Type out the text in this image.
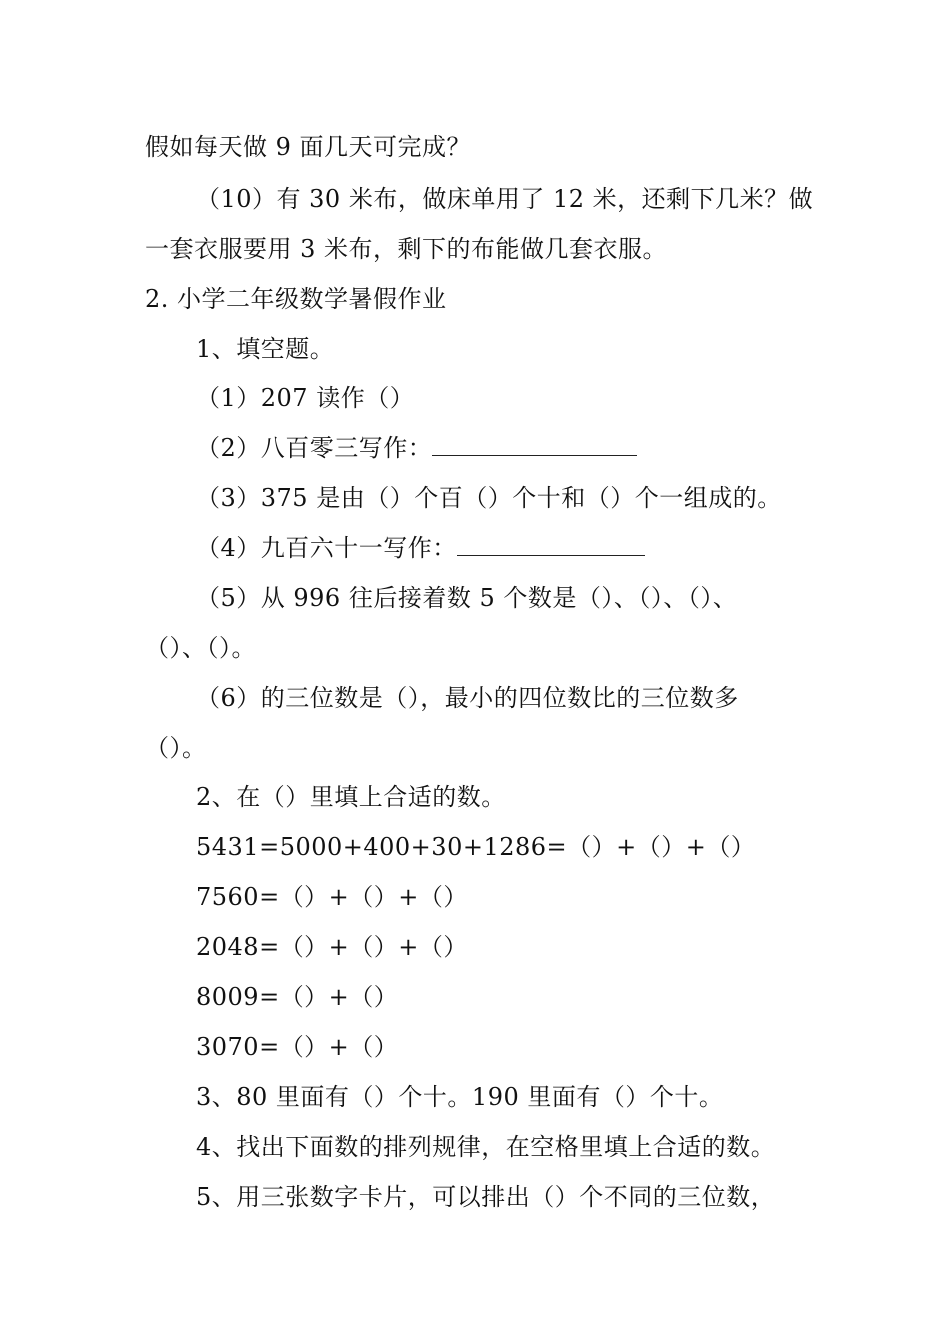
假如每天做 9 面几天可完成？
（10）有 30 米布，做床单用了 12 米，还剩下几米？做
一套衣服要用 3 米布，剩下的布能做几套衣服。
2. 小学二年级数学暑假作业
1、填空题。
（1）207 读作（）
（2）八百零三写作：
（3）375 是由（）个百（）个十和（）个一组成的。
（4）九百六十一写作：
（5）从 996 往后接着数 5 个数是（）、（）、（）、
（）、（）。
（6）的三位数是（），最小的四位数比的三位数多
（）。
2、在（）里填上合适的数。
5431=5000+400+30+1286=（）+（）+（）
7560=（）+（）+（）
2048=（）+（）+（）
8009=（）+（）
3070=（）+（）
3、80 里面有（）个十。190 里面有（）个十。
4、找出下面数的排列规律，在空格里填上合适的数。
5、用三张数字卡片，可以排出（）个不同的三位数，
